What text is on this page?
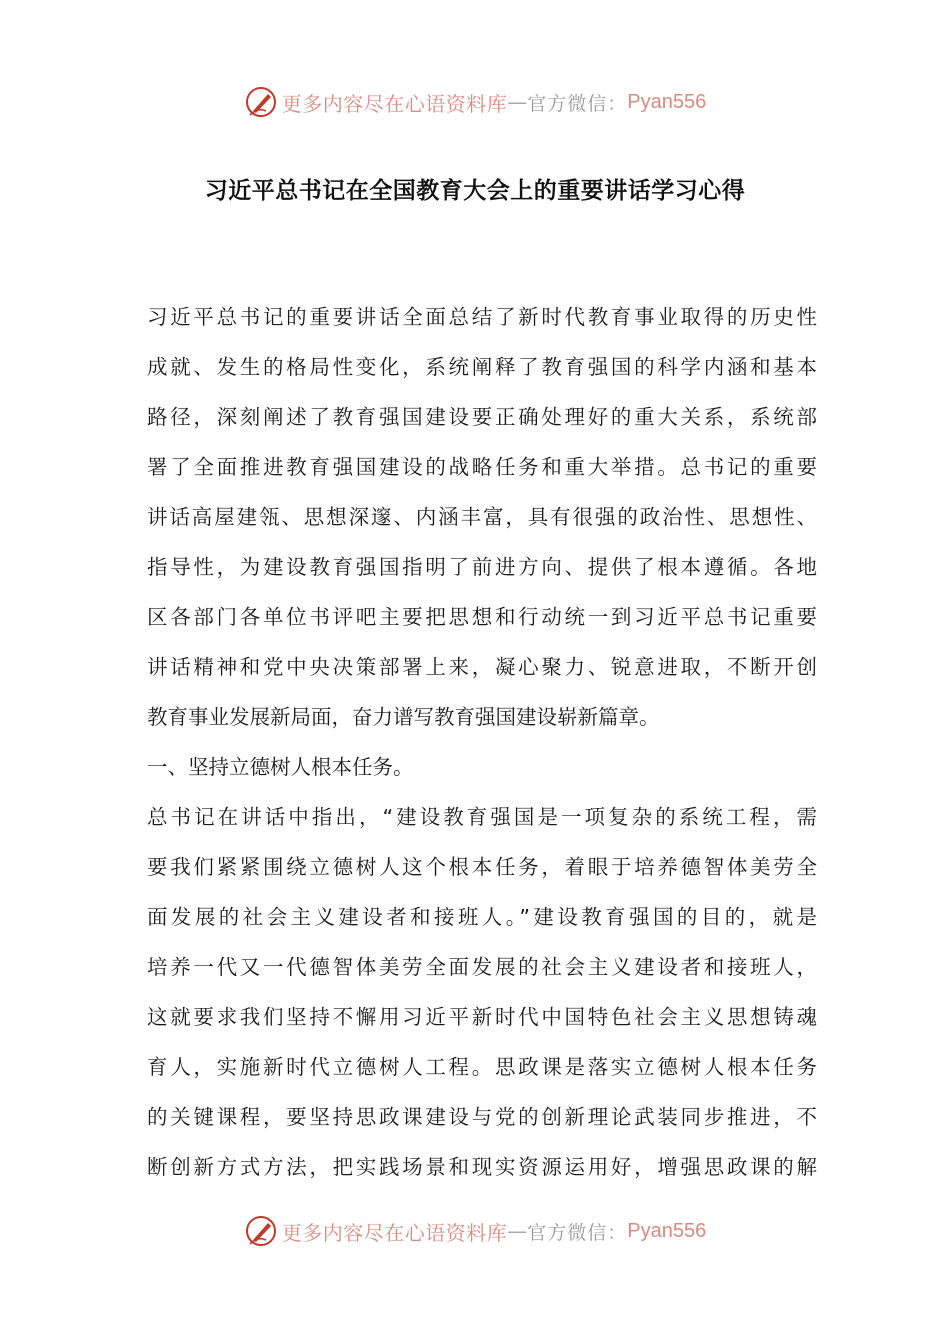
更多内容尽在心语资料库 — 官方微信： Pyan556
习近平总书记在全国教育大会上的重要讲话学习心得
习近平总书记的重要讲话全面总结了新时代教育事业取得的历史性
成就、发生的格局性变化，系统阐释了教育强国的科学内涵和基本
路径，深刻阐述了教育强国建设要正确处理好的重大关系，系统部
署了全面推进教育强国建设的战略任务和重大举措。总书记的重要
讲话高屋建瓴、思想深邃、内涵丰富，具有很强的政治性、思想性、
指导性，为建设教育强国指明了前进方向、提供了根本遵循。各地
区各部门各单位书评吧主要把思想和行动统一到习近平总书记重要
讲话精神和党中央决策部署上来，凝心聚力、锐意进取，不断开创
教育事业发展新局面，奋力谱写教育强国建设崭新篇章。
一、坚持立德树人根本任务。
总书记在讲话中指出，“建设教育强国是一项复杂的系统工程，需
要我们紧紧围绕立德树人这个根本任务，着眼于培养德智体美劳全
面发展的社会主义建设者和接班人。”建设教育强国的目的，就是
培养一代又一代德智体美劳全面发展的社会主义建设者和接班人，
这就要求我们坚持不懈用习近平新时代中国特色社会主义思想铸魂
育人，实施新时代立德树人工程。思政课是落实立德树人根本任务
的关键课程，要坚持思政课建设与党的创新理论武装同步推进，不
断创新方式方法，把实践场景和现实资源运用好，增强思政课的解
更多内容尽在心语资料库 — 官方微信： Pyan556
